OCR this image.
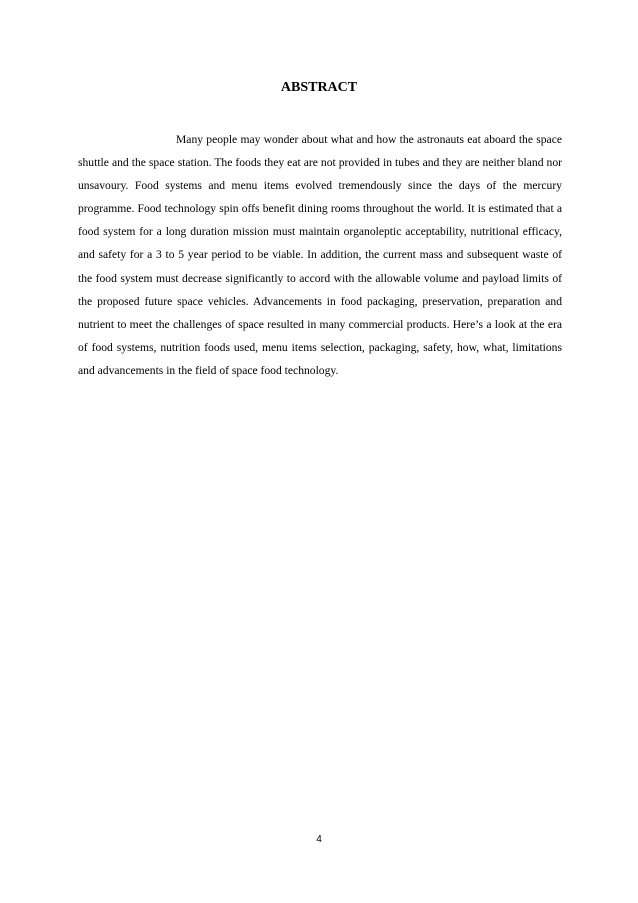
ABSTRACT

Many people may wonder about what and how the astronauts eat aboard the space shuttle and the space station. The foods they eat are not provided in tubes and they are neither bland nor unsavoury. Food systems and menu items evolved tremendously since the days of the mercury programme. Food technology spin offs benefit dining rooms throughout the world. It is estimated that a food system for a long duration mission must maintain organoleptic acceptability, nutritional efficacy, and safety for a 3 to 5 year period to be viable. In addition, the current mass and subsequent waste of the food system must decrease significantly to accord with the allowable volume and payload limits of the proposed future space vehicles. Advancements in food packaging, preservation, preparation and nutrient to meet the challenges of space resulted in many commercial products. Here’s a look at the era of food systems, nutrition foods used, menu items selection, packaging, safety, how, what, limitations and advancements in the field of space food technology.

4
